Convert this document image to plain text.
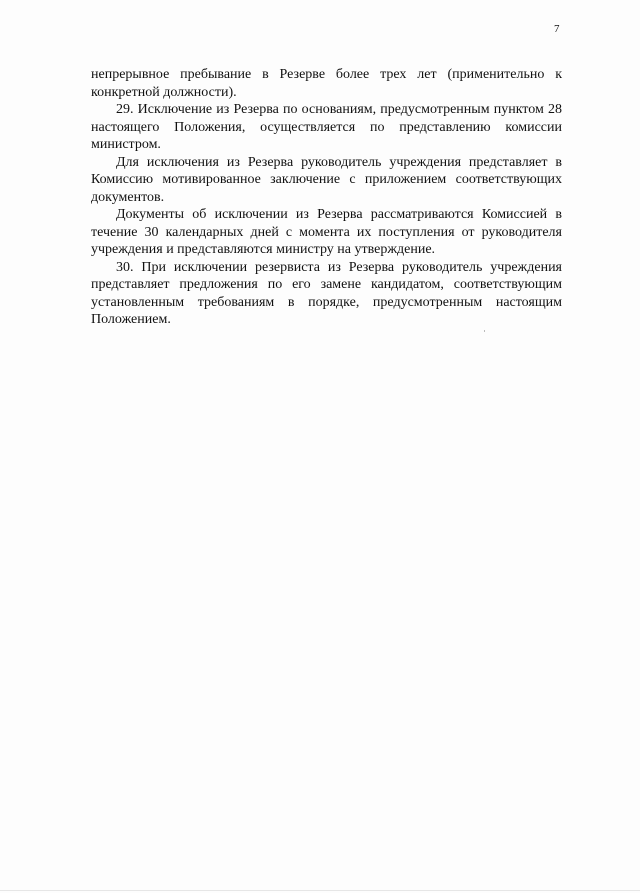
7

непрерывное пребывание в Резерве более трех лет (применительно к конкретной должности).

29. Исключение из Резерва по основаниям, предусмотренным пунктом 28 настоящего Положения, осуществляется по представлению комиссии министром.

Для исключения из Резерва руководитель учреждения представляет в Комиссию мотивированное заключение с приложением соответствующих документов.

Документы об исключении из Резерва рассматриваются Комиссией в течение 30 календарных дней с момента их поступления от руководителя учреждения и представляются министру на утверждение.

30. При исключении резервиста из Резерва руководитель учреждения представляет предложения по его замене кандидатом, соответствующим установленным требованиям в порядке, предусмотренным настоящим Положением.
